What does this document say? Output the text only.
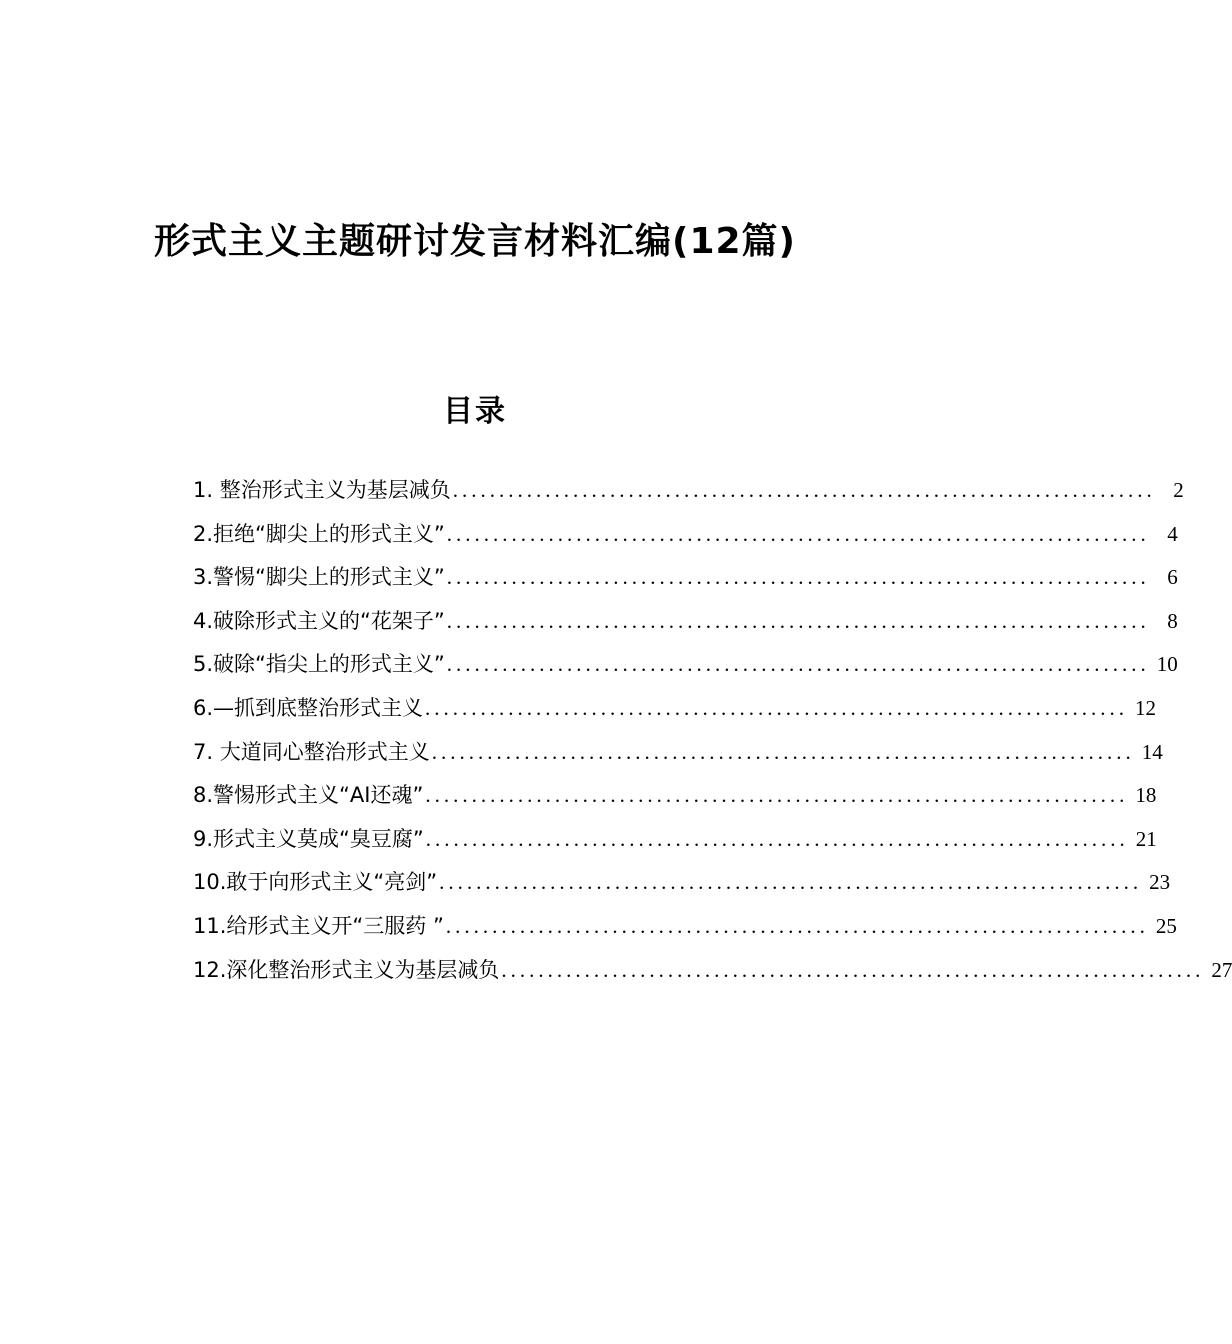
形式主义主题研讨发言材料汇编(12篇)
目录
1. 整治形式主义为基层减负 ............................................................................ 2
2.拒绝“脚尖上的形式主义” ............................................................................ 4
3.警惕“脚尖上的形式主义” ............................................................................ 6
4.破除形式主义的“花架子” ............................................................................ 8
5.破除“指尖上的形式主义” ............................................................................ 10
6.—抓到底整治形式主义 ............................................................................ 12
7. 大道同心整治形式主义 ............................................................................ 14
8.警惕形式主义“AI还魂” ............................................................................ 18
9.形式主义莫成“臭豆腐” ............................................................................ 21
10.敢于向形式主义“亮剑” ............................................................................ 23
11.给形式主义开“三服药 ” ............................................................................ 25
12.深化整治形式主义为基层减负 ............................................................................ 27
